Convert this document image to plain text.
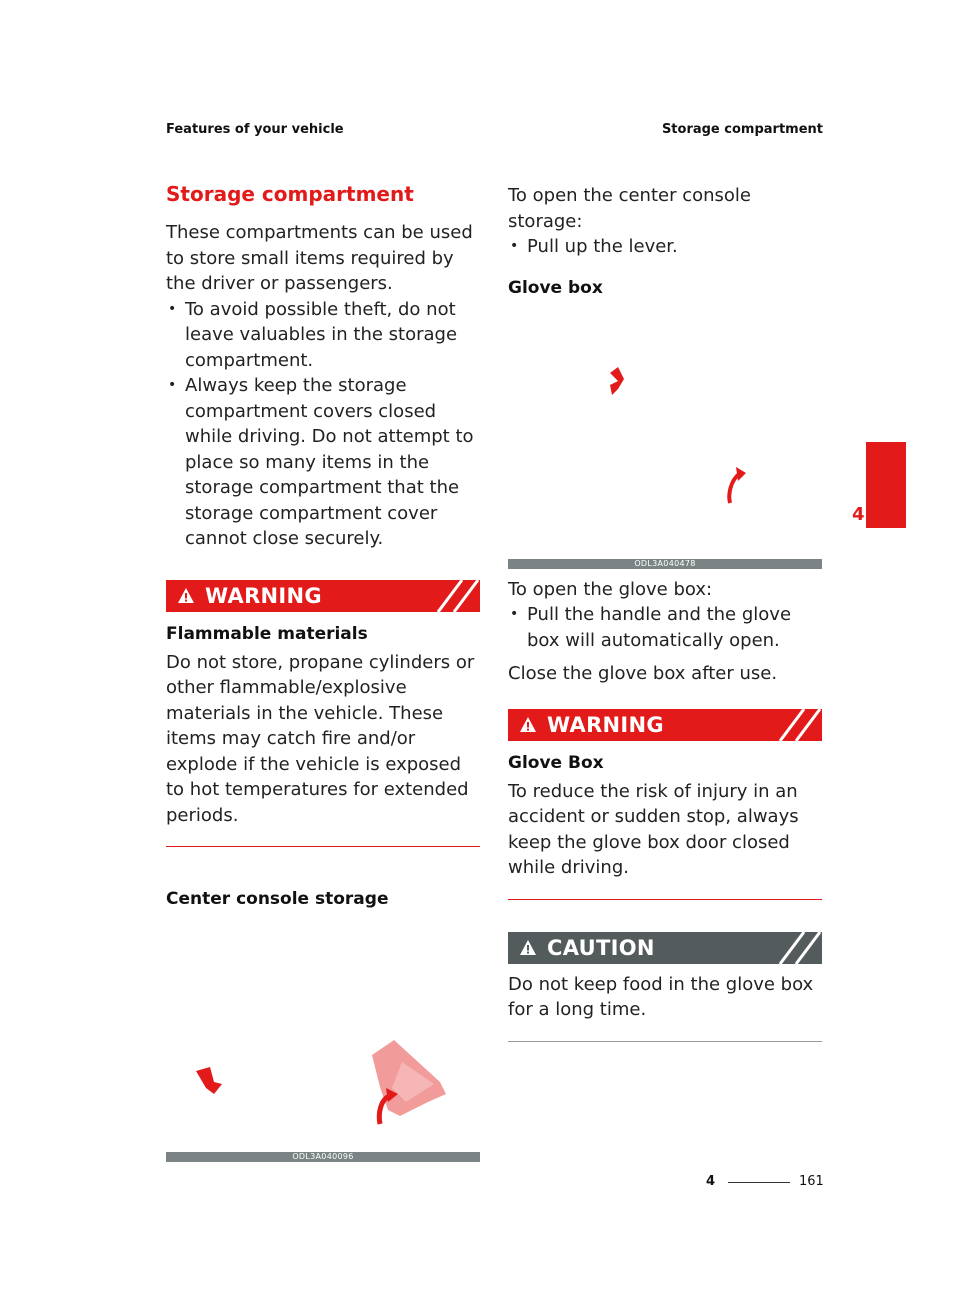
Features of your vehicle	Storage compartment
4
Storage compartment

These compartments can be used to store small items required by the driver or passengers.

• To avoid possible theft, do not leave valuables in the storage compartment.
• Always keep the storage compartment covers closed while driving. Do not attempt to place so many items in the storage compartment that the storage compartment cover cannot close securely.
WARNING
Flammable materials

Do not store, propane cylinders or other flammable/explosive materials in the vehicle. These items may catch fire and/or explode if the vehicle is exposed to hot temperatures for extended periods.

Center console storage
ODL3A040096

To open the center console storage:

• Pull up the lever.
Glove box
ODL3A040478

To open the glove box:

• Pull the handle and the glove box will automatically open.

Close the glove box after use.

WARNING
Glove Box

To reduce the risk of injury in an accident or sudden stop, always keep the glove box door closed while driving.

CAUTION

Do not keep food in the glove box for a long time.

4	161
